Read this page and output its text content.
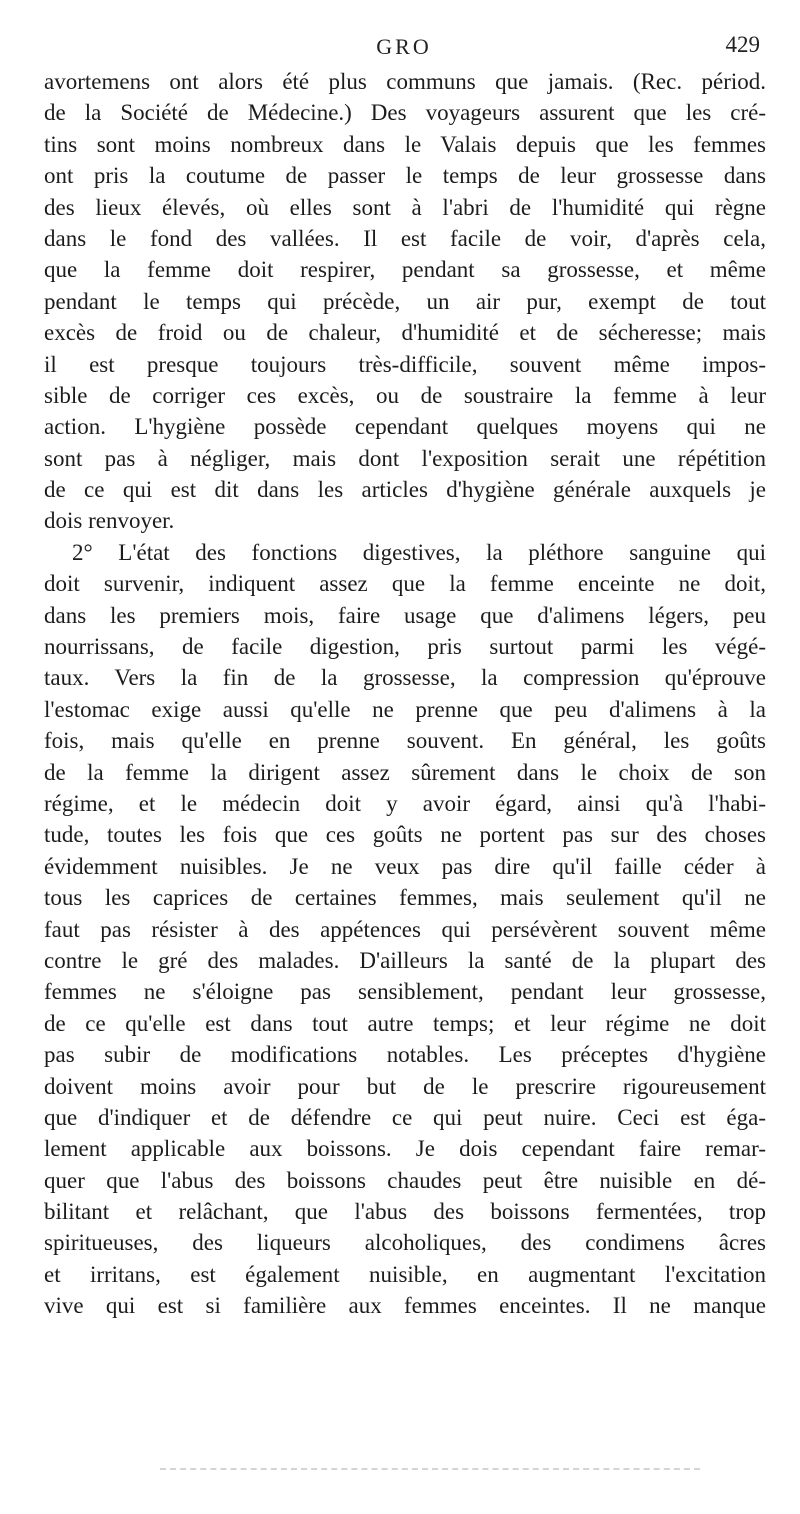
GRO	429
avortemens ont alors été plus communs que jamais. (Rec. périod.
de la Société de Médecine.) Des voyageurs assurent que les cré-
tins sont moins nombreux dans le Valais depuis que les femmes
ont pris la coutume de passer le temps de leur grossesse dans
des lieux élevés, où elles sont à l'abri de l'humidité qui règne
dans le fond des vallées. Il est facile de voir, d'après cela,
que la femme doit respirer, pendant sa grossesse, et même
pendant le temps qui précède, un air pur, exempt de tout
excès de froid ou de chaleur, d'humidité et de sécheresse; mais
il est presque toujours très-difficile, souvent même impos-
sible de corriger ces excès, ou de soustraire la femme à leur
action. L'hygiène possède cependant quelques moyens qui ne
sont pas à négliger, mais dont l'exposition serait une répétition
de ce qui est dit dans les articles d'hygiène générale auxquels je
dois renvoyer.
2° L'état des fonctions digestives, la pléthore sanguine qui
doit survenir, indiquent assez que la femme enceinte ne doit,
dans les premiers mois, faire usage que d'alimens légers, peu
nourrissans, de facile digestion, pris surtout parmi les végé-
taux. Vers la fin de la grossesse, la compression qu'éprouve
l'estomac exige aussi qu'elle ne prenne que peu d'alimens à la
fois, mais qu'elle en prenne souvent. En général, les goûts
de la femme la dirigent assez sûrement dans le choix de son
régime, et le médecin doit y avoir égard, ainsi qu'à l'habi-
tude, toutes les fois que ces goûts ne portent pas sur des choses
évidemment nuisibles. Je ne veux pas dire qu'il faille céder à
tous les caprices de certaines femmes, mais seulement qu'il ne
faut pas résister à des appétences qui persévèrent souvent même
contre le gré des malades. D'ailleurs la santé de la plupart des
femmes ne s'éloigne pas sensiblement, pendant leur grossesse,
de ce qu'elle est dans tout autre temps; et leur régime ne doit
pas subir de modifications notables. Les préceptes d'hygiène
doivent moins avoir pour but de le prescrire rigoureusement
que d'indiquer et de défendre ce qui peut nuire. Ceci est éga-
lement applicable aux boissons. Je dois cependant faire remar-
quer que l'abus des boissons chaudes peut être nuisible en dé-
bilitant et relâchant, que l'abus des boissons fermentées, trop
spiritueuses, des liqueurs alcoholiques, des condimens âcres
et irritans, est également nuisible, en augmentant l'excitation
vive qui est si familière aux femmes enceintes. Il ne manque
